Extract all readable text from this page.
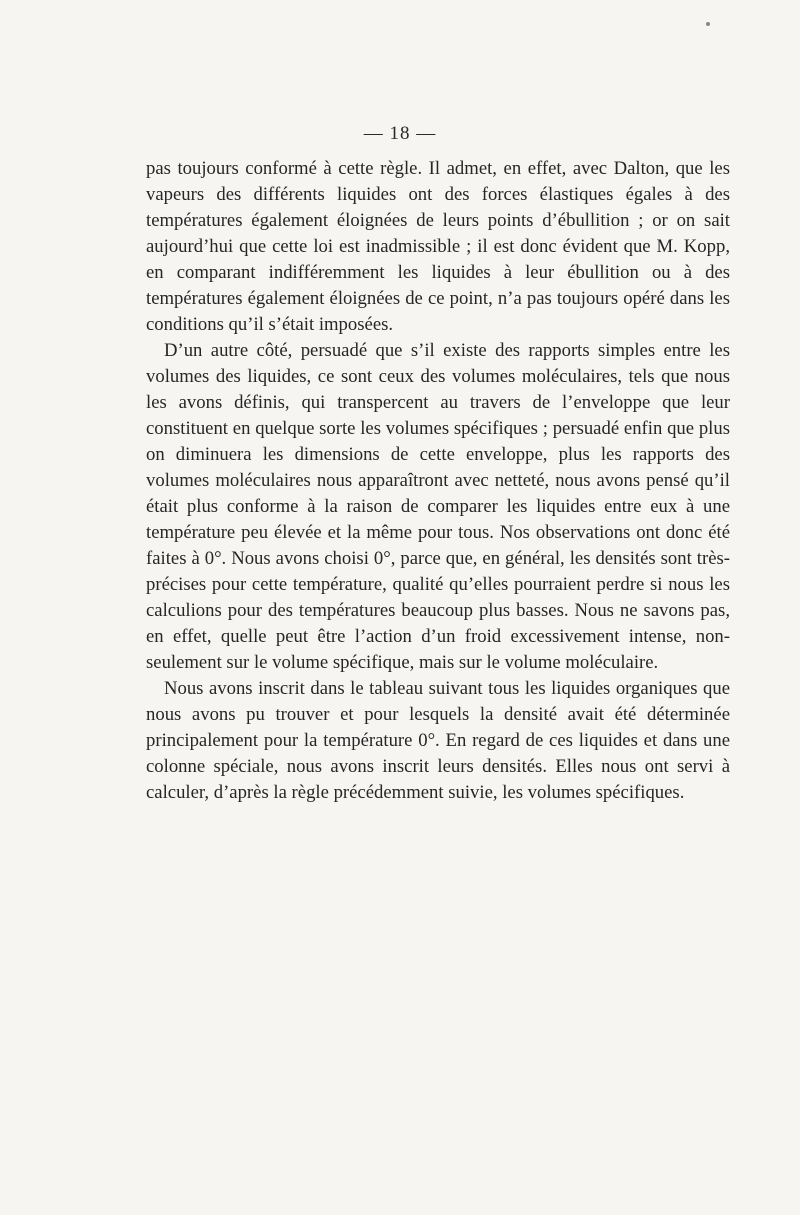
— 18 —

pas toujours conformé à cette règle. Il admet, en effet, avec Dalton, que les vapeurs des différents liquides ont des forces élastiques égales à des températures également éloignées de leurs points d’ébullition ; or on sait aujourd’hui que cette loi est inadmissible ; il est donc évident que M. Kopp, en comparant indifféremment les liquides à leur ébullition ou à des températures également éloignées de ce point, n’a pas toujours opéré dans les conditions qu’il s’était imposées.

D’un autre côté, persuadé que s’il existe des rapports simples entre les volumes des liquides, ce sont ceux des volumes moléculaires, tels que nous les avons définis, qui transpercent au travers de l’enveloppe que leur constituent en quelque sorte les volumes spécifiques ; persuadé enfin que plus on diminuera les dimensions de cette enveloppe, plus les rapports des volumes moléculaires nous apparaîtront avec netteté, nous avons pensé qu’il était plus conforme à la raison de comparer les liquides entre eux à une température peu élevée et la même pour tous. Nos observations ont donc été faites à 0°. Nous avons choisi 0°, parce que, en général, les densités sont très-précises pour cette température, qualité qu’elles pourraient perdre si nous les calculions pour des températures beaucoup plus basses. Nous ne savons pas, en effet, quelle peut être l’action d’un froid excessivement intense, non-seulement sur le volume spécifique, mais sur le volume moléculaire.

Nous avons inscrit dans le tableau suivant tous les liquides organiques que nous avons pu trouver et pour lesquels la densité avait été déterminée principalement pour la température 0°. En regard de ces liquides et dans une colonne spéciale, nous avons inscrit leurs densités. Elles nous ont servi à calculer, d’après la règle précédemment suivie, les volumes spécifiques.
